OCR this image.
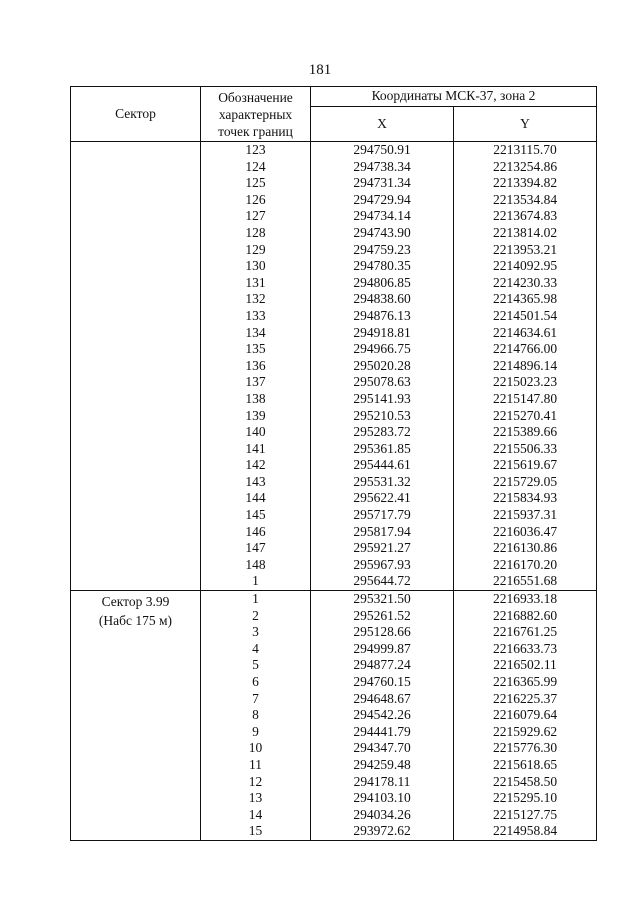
181
Сектор	Обозначение
характерных
точек границ	Координаты МСК-37, зона 2	
		X	Y
	123	294750.91	2213115.70
	124	294738.34	2213254.86
	125	294731.34	2213394.82
	126	294729.94	2213534.84
	127	294734.14	2213674.83
	128	294743.90	2213814.02
	129	294759.23	2213953.21
	130	294780.35	2214092.95
	131	294806.85	2214230.33
	132	294838.60	2214365.98
	133	294876.13	2214501.54
	134	294918.81	2214634.61
	135	294966.75	2214766.00
	136	295020.28	2214896.14
	137	295078.63	2215023.23
	138	295141.93	2215147.80
	139	295210.53	2215270.41
	140	295283.72	2215389.66
	141	295361.85	2215506.33
	142	295444.61	2215619.67
	143	295531.32	2215729.05
	144	295622.41	2215834.93
	145	295717.79	2215937.31
	146	295817.94	2216036.47
	147	295921.27	2216130.86
	148	295967.93	2216170.20
	1	295644.72	2216551.68

Сектор 3.99
(Набс 175 м)	1	295321.50	2216933.18
	2	295261.52	2216882.60
	3	295128.66	2216761.25
	4	294999.87	2216633.73
	5	294877.24	2216502.11
	6	294760.15	2216365.99
	7	294648.67	2216225.37
	8	294542.26	2216079.64
	9	294441.79	2215929.62
	10	294347.70	2215776.30
	11	294259.48	2215618.65
	12	294178.11	2215458.50
	13	294103.10	2215295.10
	14	294034.26	2215127.75
	15	293972.62	2214958.84
